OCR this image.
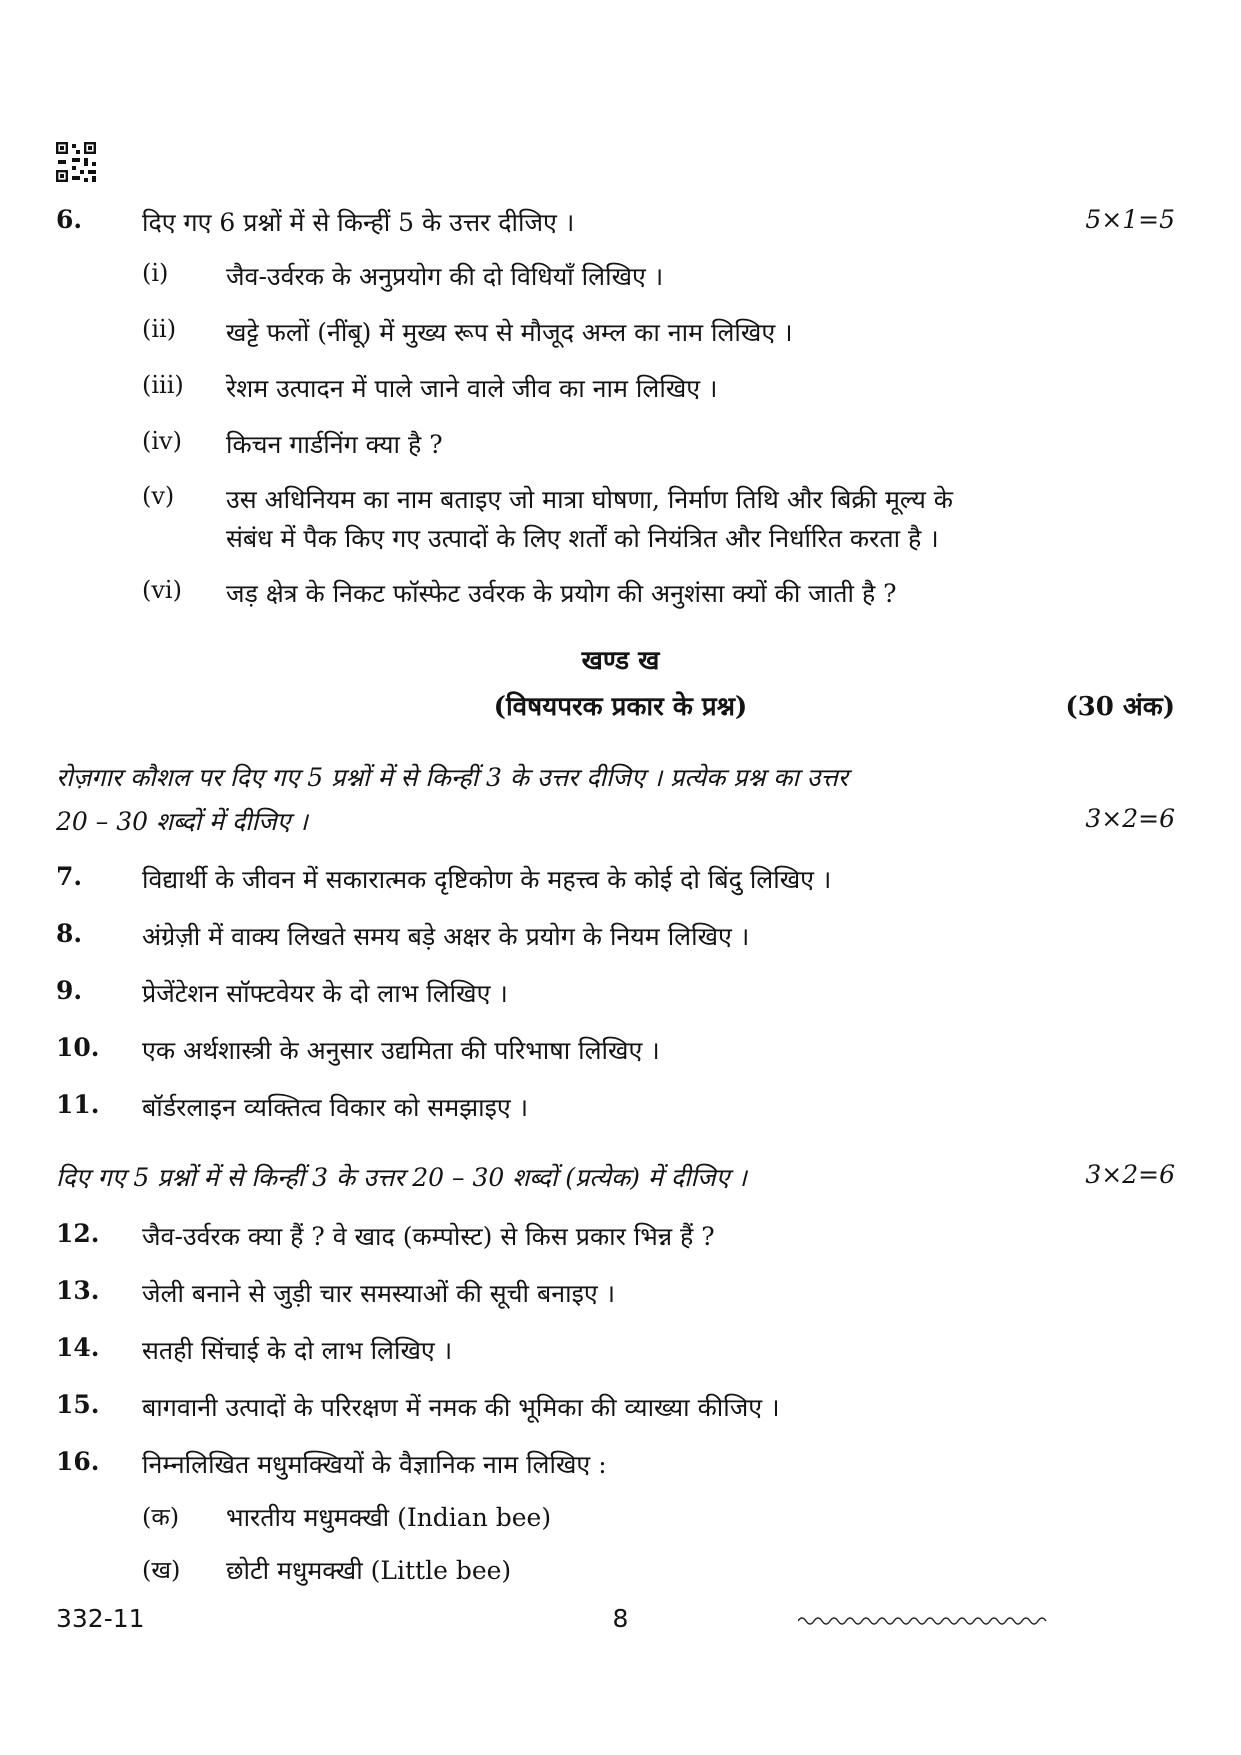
6. दिए गए 6 प्रश्नों में से किन्हीं 5 के उत्तर दीजिए ।	5×1=5
(i) जैव-उर्वरक के अनुप्रयोग की दो विधियाँ लिखिए ।
(ii) खट्टे फलों (नींबू) में मुख्य रूप से मौजूद अम्ल का नाम लिखिए ।
(iii) रेशम उत्पादन में पाले जाने वाले जीव का नाम लिखिए ।
(iv) किचन गार्डनिंग क्या है ?
(v) उस अधिनियम का नाम बताइए जो मात्रा घोषणा, निर्माण तिथि और बिक्री मूल्य के
संबंध में पैक किए गए उत्पादों के लिए शर्तों को नियंत्रित और निर्धारित करता है ।
(vi) जड़ क्षेत्र के निकट फॉस्फेट उर्वरक के प्रयोग की अनुशंसा क्यों की जाती है ?
खण्ड ख
(विषयपरक प्रकार के प्रश्न)	(30 अंक)
रोज़गार कौशल पर दिए गए 5 प्रश्नों में से किन्हीं 3 के उत्तर दीजिए । प्रत्येक प्रश्न का उत्तर
20 – 30 शब्दों में दीजिए ।	3×2=6
7. विद्यार्थी के जीवन में सकारात्मक दृष्टिकोण के महत्त्व के कोई दो बिंदु लिखिए ।
8. अंग्रेज़ी में वाक्य लिखते समय बड़े अक्षर के प्रयोग के नियम लिखिए ।
9. प्रेजेंटेशन सॉफ्टवेयर के दो लाभ लिखिए ।
10. एक अर्थशास्त्री के अनुसार उद्यमिता की परिभाषा लिखिए ।
11. बॉर्डरलाइन व्यक्तित्व विकार को समझाइए ।
दिए गए 5 प्रश्नों में से किन्हीं 3 के उत्तर 20 – 30 शब्दों (प्रत्येक) में दीजिए ।	3×2=6
12. जैव-उर्वरक क्या हैं ? वे खाद (कम्पोस्ट) से किस प्रकार भिन्न हैं ?
13. जेली बनाने से जुड़ी चार समस्याओं की सूची बनाइए ।
14. सतही सिंचाई के दो लाभ लिखिए ।
15. बागवानी उत्पादों के परिरक्षण में नमक की भूमिका की व्याख्या कीजिए ।
16. निम्नलिखित मधुमक्खियों के वैज्ञानिक नाम लिखिए :
(क) भारतीय मधुमक्खी (Indian bee)
(ख) छोटी मधुमक्खी (Little bee)
332-11	8
